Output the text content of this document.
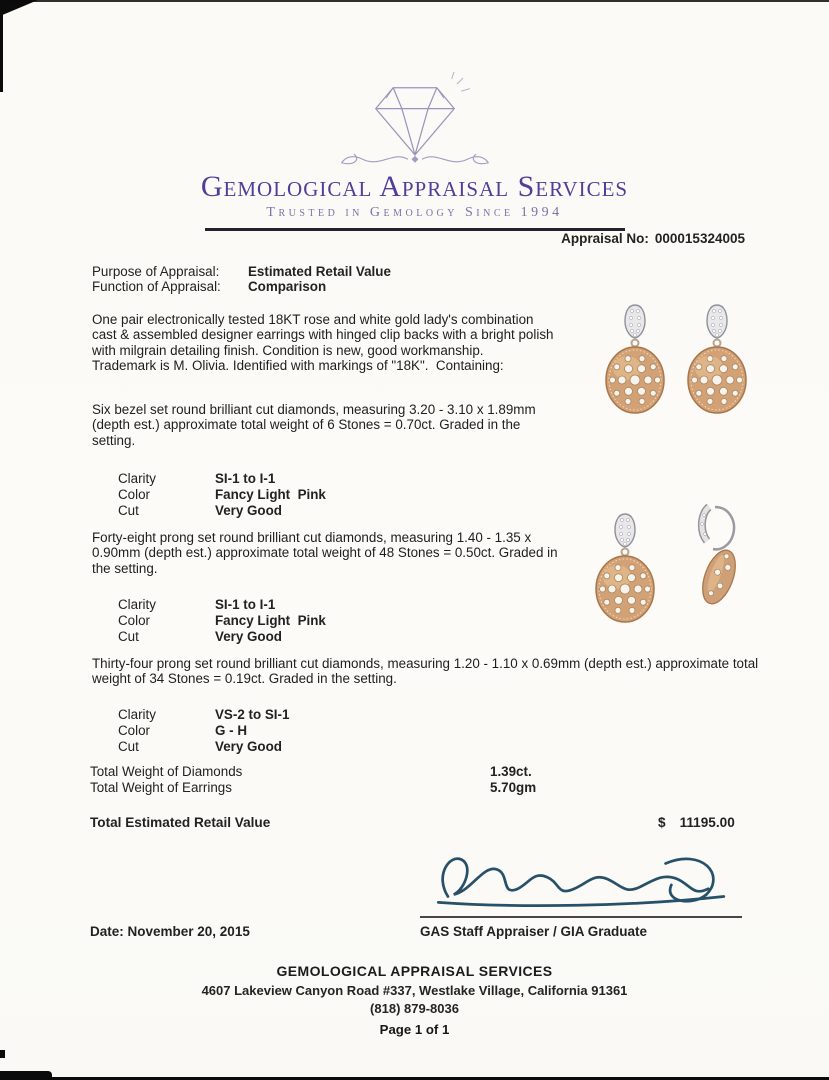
Gemological Appraisal Services
Trusted in Gemology Since 1994
Appraisal No: 000015324005
Purpose of Appraisal:	Estimated Retail Value
Function of Appraisal:	Comparison
One pair electronically tested 18KT rose and white gold lady's combination cast & assembled designer earrings with hinged clip backs with a bright polish with milgrain detailing finish. Condition is new, good workmanship.  Trademark is M. Olivia. Identified with markings of "18K".  Containing:
Six bezel set round brilliant cut diamonds, measuring 3.20 - 3.10 x 1.89mm (depth est.) approximate total weight of 6 Stones = 0.70ct. Graded in the setting.
Forty-eight prong set round brilliant cut diamonds, measuring 1.40 - 1.35 x 0.90mm (depth est.) approximate total weight of 48 Stones = 0.50ct. Graded in the setting.
Thirty-four prong set round brilliant cut diamonds, measuring 1.20 - 1.10 x 0.69mm (depth est.) approximate total weight of 34 Stones = 0.19ct. Graded in the setting.
Clarity	SI-1 to I-1
Color	Fancy Light  Pink
Cut	Very Good
Clarity	SI-1 to I-1
Color	Fancy Light  Pink
Cut	Very Good
Clarity	VS-2 to SI-1
Color	G - H
Cut	Very Good
Total Weight of Diamonds	1.39ct.
Total Weight of Earrings	5.70gm
Total Estimated Retail Value	$ 11195.00
GAS Staff Appraiser / GIA Graduate
Date: November 20, 2015
GEMOLOGICAL APPRAISAL SERVICES
4607 Lakeview Canyon Road #337, Westlake Village, California 91361
(818) 879-8036
Page 1 of 1
